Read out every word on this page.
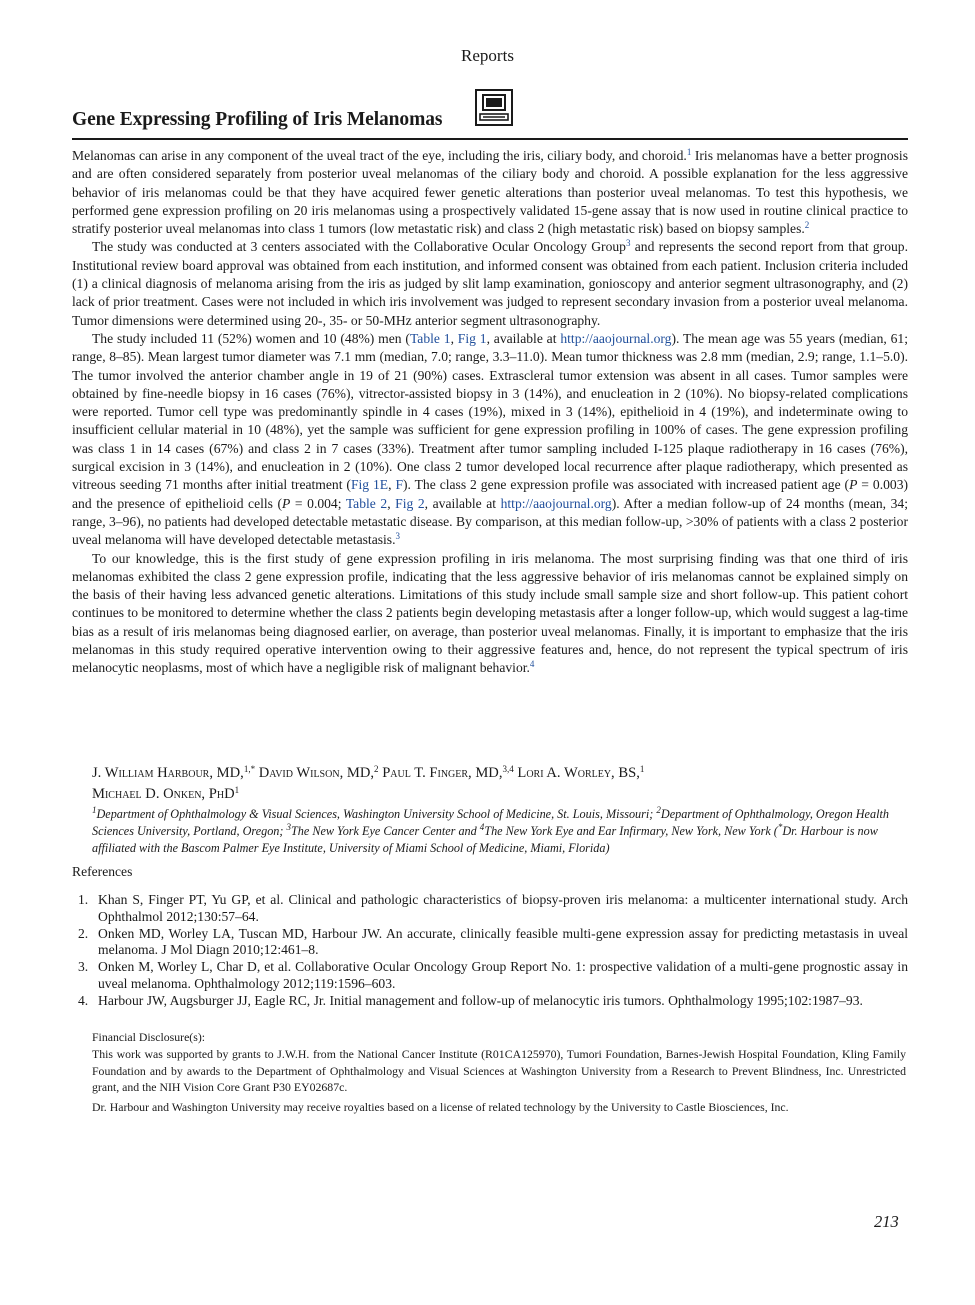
Reports
Gene Expressing Profiling of Iris Melanomas

Melanomas can arise in any component of the uveal tract of the eye, including the iris, ciliary body, and choroid.$^1$ Iris melanomas have a better prognosis and are often considered separately from posterior uveal melanomas of the ciliary body and choroid. A possible explanation for the less aggressive behavior of iris melanomas could be that they have acquired fewer genetic alterations than posterior uveal melanomas. To test this hypothesis, we performed gene expression profiling on 20 iris melanomas using a prospectively validated 15-gene assay that is now used in routine clinical practice to stratify posterior uveal melanomas into class 1 tumors (low metastatic risk) and class 2 (high metastatic risk) based on biopsy samples.$^2$

The study was conducted at 3 centers associated with the Collaborative Ocular Oncology Group$^3$ and represents the second report from that group. Institutional review board approval was obtained from each institution, and informed consent was obtained from each patient. Inclusion criteria included (1) a clinical diagnosis of melanoma arising from the iris as judged by slit lamp examination, gonioscopy and anterior segment ultrasonography, and (2) lack of prior treatment. Cases were not included in which iris involvement was judged to represent secondary invasion from a posterior uveal melanoma. Tumor dimensions were determined using 20-, 35- or 50-MHz anterior segment ultrasonography.

The study included 11 (52%) women and 10 (48%) men (Table 1, Fig 1, available at http://aaojournal.org). The mean age was 55 years (median, 61; range, 8–85). Mean largest tumor diameter was 7.1 mm (median, 7.0; range, 3.3–11.0). Mean tumor thickness was 2.8 mm (median, 2.9; range, 1.1–5.0). The tumor involved the anterior chamber angle in 19 of 21 (90%) cases. Extrascleral tumor extension was absent in all cases. Tumor samples were obtained by fine-needle biopsy in 16 cases (76%), vitrector-assisted biopsy in 3 (14%), and enucleation in 2 (10%). No biopsy-related complications were reported. Tumor cell type was predominantly spindle in 4 cases (19%), mixed in 3 (14%), epithelioid in 4 (19%), and indeterminate owing to insufficient cellular material in 10 (48%), yet the sample was sufficient for gene expression profiling in 100% of cases. The gene expression profiling was class 1 in 14 cases (67%) and class 2 in 7 cases (33%). Treatment after tumor sampling included I-125 plaque radiotherapy in 16 cases (76%), surgical excision in 3 (14%), and enucleation in 2 (10%). One class 2 tumor developed local recurrence after plaque radiotherapy, which presented as vitreous seeding 71 months after initial treatment (Fig 1E, F). The class 2 gene expression profile was associated with increased patient age (P = 0.003) and the presence of epithelioid cells (P = 0.004; Table 2, Fig 2, available at http://aaojournal.org). After a median follow-up of 24 months (mean, 34; range, 3–96), no patients had developed detectable metastatic disease. By comparison, at this median follow-up, >30% of patients with a class 2 posterior uveal melanoma will have developed detectable metastasis.$^3$

To our knowledge, this is the first study of gene expression profiling in iris melanoma. The most surprising finding was that one third of iris melanomas exhibited the class 2 gene expression profile, indicating that the less aggressive behavior of iris melanomas cannot be explained simply on the basis of their having less advanced genetic alterations. Limitations of this study include small sample size and short follow-up. This patient cohort continues to be monitored to determine whether the class 2 patients begin developing metastasis after a longer follow-up, which would suggest a lag-time bias as a result of iris melanomas being diagnosed earlier, on average, than posterior uveal melanomas. Finally, it is important to emphasize that the iris melanomas in this study required operative intervention owing to their aggressive features and, hence, do not represent the typical spectrum of iris melanocytic neoplasms, most of which have a negligible risk of malignant behavior.$^4$

J. William Harbour, MD,$^{1,*}$ David Wilson, MD,$^2$ Paul T. Finger, MD,$^{3,4}$ Lori A. Worley, BS,$^1$
Michael D. Onken, PhD$^1$
$^1$Department of Ophthalmology & Visual Sciences, Washington University School of Medicine, St. Louis, Missouri; $^2$Department of Ophthalmology, Oregon Health Sciences University, Portland, Oregon; $^3$The New York Eye Cancer Center and $^4$The New York Eye and Ear Infirmary, New York, New York (*Dr. Harbour is now affiliated with the Bascom Palmer Eye Institute, University of Miami School of Medicine, Miami, Florida)
References
1. Khan S, Finger PT, Yu GP, et al. Clinical and pathologic characteristics of biopsy-proven iris melanoma: a multicenter international study. Arch Ophthalmol 2012;130:57–64.
2. Onken MD, Worley LA, Tuscan MD, Harbour JW. An accurate, clinically feasible multi-gene expression assay for predicting metastasis in uveal melanoma. J Mol Diagn 2010;12:461–8.
3. Onken M, Worley L, Char D, et al. Collaborative Ocular Oncology Group Report No. 1: prospective validation of a multi-gene prognostic assay in uveal melanoma. Ophthalmology 2012;119:1596–603.
4. Harbour JW, Augsburger JJ, Eagle RC, Jr. Initial management and follow-up of melanocytic iris tumors. Ophthalmology 1995;102:1987–93.

Financial Disclosure(s):

This work was supported by grants to J.W.H. from the National Cancer Institute (R01CA125970), Tumori Foundation, Barnes-Jewish Hospital Foundation, Kling Family Foundation and by awards to the Department of Ophthalmology and Visual Sciences at Washington University from a Research to Prevent Blindness, Inc. Unrestricted grant, and the NIH Vision Core Grant P30 EY02687c.

Dr. Harbour and Washington University may receive royalties based on a license of related technology by the University to Castle Biosciences, Inc.

213
